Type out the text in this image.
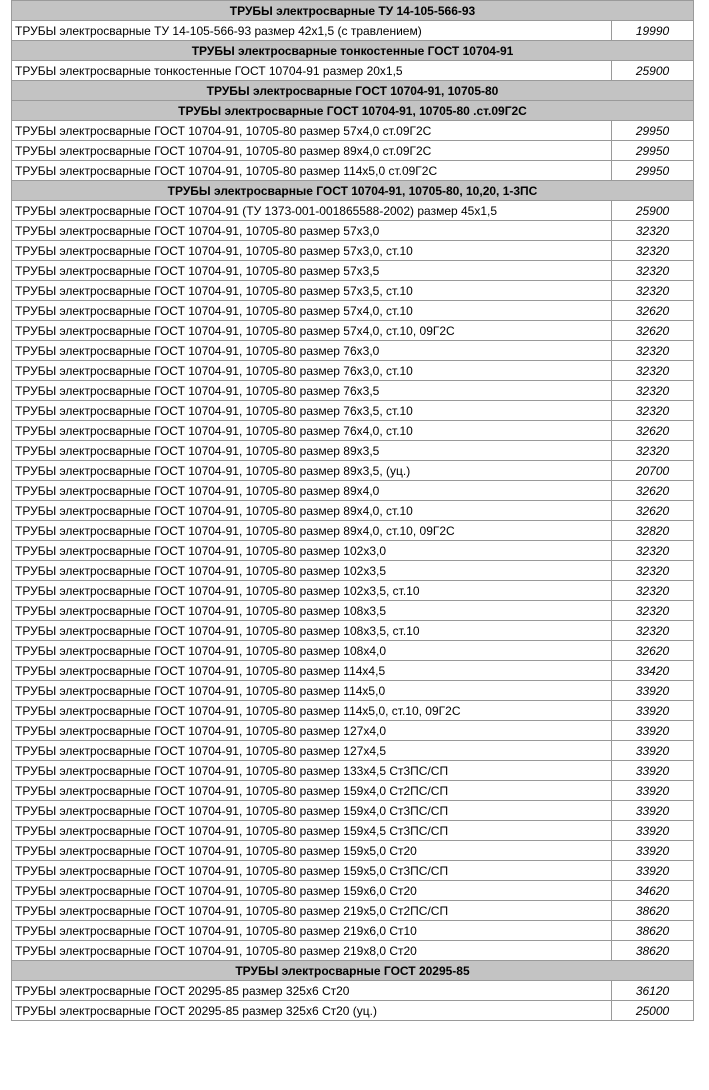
ТРУБЫ электросварные ТУ 14-105-566-93	
ТРУБЫ электросварные ТУ 14-105-566-93 размер 42х1,5 (с травлением)	19990
ТРУБЫ электросварные тонкостенные ГОСТ 10704-91	
ТРУБЫ электросварные тонкостенные ГОСТ 10704-91 размер 20х1,5	25900
ТРУБЫ электросварные ГОСТ 10704-91, 10705-80	
ТРУБЫ электросварные ГОСТ 10704-91, 10705-80 .ст.09Г2С	
ТРУБЫ электросварные ГОСТ 10704-91, 10705-80 размер 57х4,0 ст.09Г2С	29950
ТРУБЫ электросварные ГОСТ 10704-91, 10705-80 размер 89х4,0 ст.09Г2С	29950
ТРУБЫ электросварные ГОСТ 10704-91, 10705-80 размер 114х5,0 ст.09Г2С	29950
ТРУБЫ электросварные ГОСТ 10704-91, 10705-80, 10,20, 1-3ПС	
ТРУБЫ электросварные ГОСТ 10704-91 (ТУ 1373-001-001865588-2002) размер 45х1,5	25900
ТРУБЫ электросварные ГОСТ 10704-91, 10705-80 размер 57х3,0	32320
ТРУБЫ электросварные ГОСТ 10704-91, 10705-80 размер 57х3,0, ст.10	32320
ТРУБЫ электросварные ГОСТ 10704-91, 10705-80 размер 57х3,5	32320
ТРУБЫ электросварные ГОСТ 10704-91, 10705-80 размер 57х3,5, ст.10	32320
ТРУБЫ электросварные ГОСТ 10704-91, 10705-80 размер 57х4,0, ст.10	32620
ТРУБЫ электросварные ГОСТ 10704-91, 10705-80 размер 57х4,0, ст.10, 09Г2С	32620
ТРУБЫ электросварные ГОСТ 10704-91, 10705-80 размер 76х3,0	32320
ТРУБЫ электросварные ГОСТ 10704-91, 10705-80 размер 76х3,0, ст.10	32320
ТРУБЫ электросварные ГОСТ 10704-91, 10705-80 размер 76х3,5	32320
ТРУБЫ электросварные ГОСТ 10704-91, 10705-80 размер 76х3,5, ст.10	32320
ТРУБЫ электросварные ГОСТ 10704-91, 10705-80 размер 76х4,0, ст.10	32620
ТРУБЫ электросварные ГОСТ 10704-91, 10705-80 размер 89х3,5	32320
ТРУБЫ электросварные ГОСТ 10704-91, 10705-80 размер 89х3,5, (уц.)	20700
ТРУБЫ электросварные ГОСТ 10704-91, 10705-80 размер 89х4,0	32620
ТРУБЫ электросварные ГОСТ 10704-91, 10705-80 размер 89х4,0, ст.10	32620
ТРУБЫ электросварные ГОСТ 10704-91, 10705-80 размер 89х4,0, ст.10, 09Г2С	32820
ТРУБЫ электросварные ГОСТ 10704-91, 10705-80 размер 102х3,0	32320
ТРУБЫ электросварные ГОСТ 10704-91, 10705-80 размер 102х3,5	32320
ТРУБЫ электросварные ГОСТ 10704-91, 10705-80 размер 102х3,5, ст.10	32320
ТРУБЫ электросварные ГОСТ 10704-91, 10705-80 размер 108х3,5	32320
ТРУБЫ электросварные ГОСТ 10704-91, 10705-80 размер 108х3,5, ст.10	32320
ТРУБЫ электросварные ГОСТ 10704-91, 10705-80 размер 108х4,0	32620
ТРУБЫ электросварные ГОСТ 10704-91, 10705-80 размер 114х4,5	33420
ТРУБЫ электросварные ГОСТ 10704-91, 10705-80 размер 114х5,0	33920
ТРУБЫ электросварные ГОСТ 10704-91, 10705-80 размер 114х5,0, ст.10, 09Г2С	33920
ТРУБЫ электросварные ГОСТ 10704-91, 10705-80 размер 127х4,0	33920
ТРУБЫ электросварные ГОСТ 10704-91, 10705-80 размер 127х4,5	33920
ТРУБЫ электросварные ГОСТ 10704-91, 10705-80 размер 133х4,5 Ст3ПС/СП	33920
ТРУБЫ электросварные ГОСТ 10704-91, 10705-80 размер 159х4,0 Ст2ПС/СП	33920
ТРУБЫ электросварные ГОСТ 10704-91, 10705-80 размер 159х4,0 Ст3ПС/СП	33920
ТРУБЫ электросварные ГОСТ 10704-91, 10705-80 размер 159х4,5 Ст3ПС/СП	33920
ТРУБЫ электросварные ГОСТ 10704-91, 10705-80 размер 159х5,0 Ст20	33920
ТРУБЫ электросварные ГОСТ 10704-91, 10705-80 размер 159х5,0 Ст3ПС/СП	33920
ТРУБЫ электросварные ГОСТ 10704-91, 10705-80 размер 159х6,0 Ст20	34620
ТРУБЫ электросварные ГОСТ 10704-91, 10705-80 размер 219х5,0 Ст2ПС/СП	38620
ТРУБЫ электросварные ГОСТ 10704-91, 10705-80 размер 219х6,0 Ст10	38620
ТРУБЫ электросварные ГОСТ 10704-91, 10705-80 размер 219х8,0 Ст20	38620
ТРУБЫ электросварные ГОСТ 20295-85	
ТРУБЫ электросварные ГОСТ 20295-85 размер 325х6 Ст20	36120
ТРУБЫ электросварные ГОСТ 20295-85 размер 325х6 Ст20 (уц.)	25000
